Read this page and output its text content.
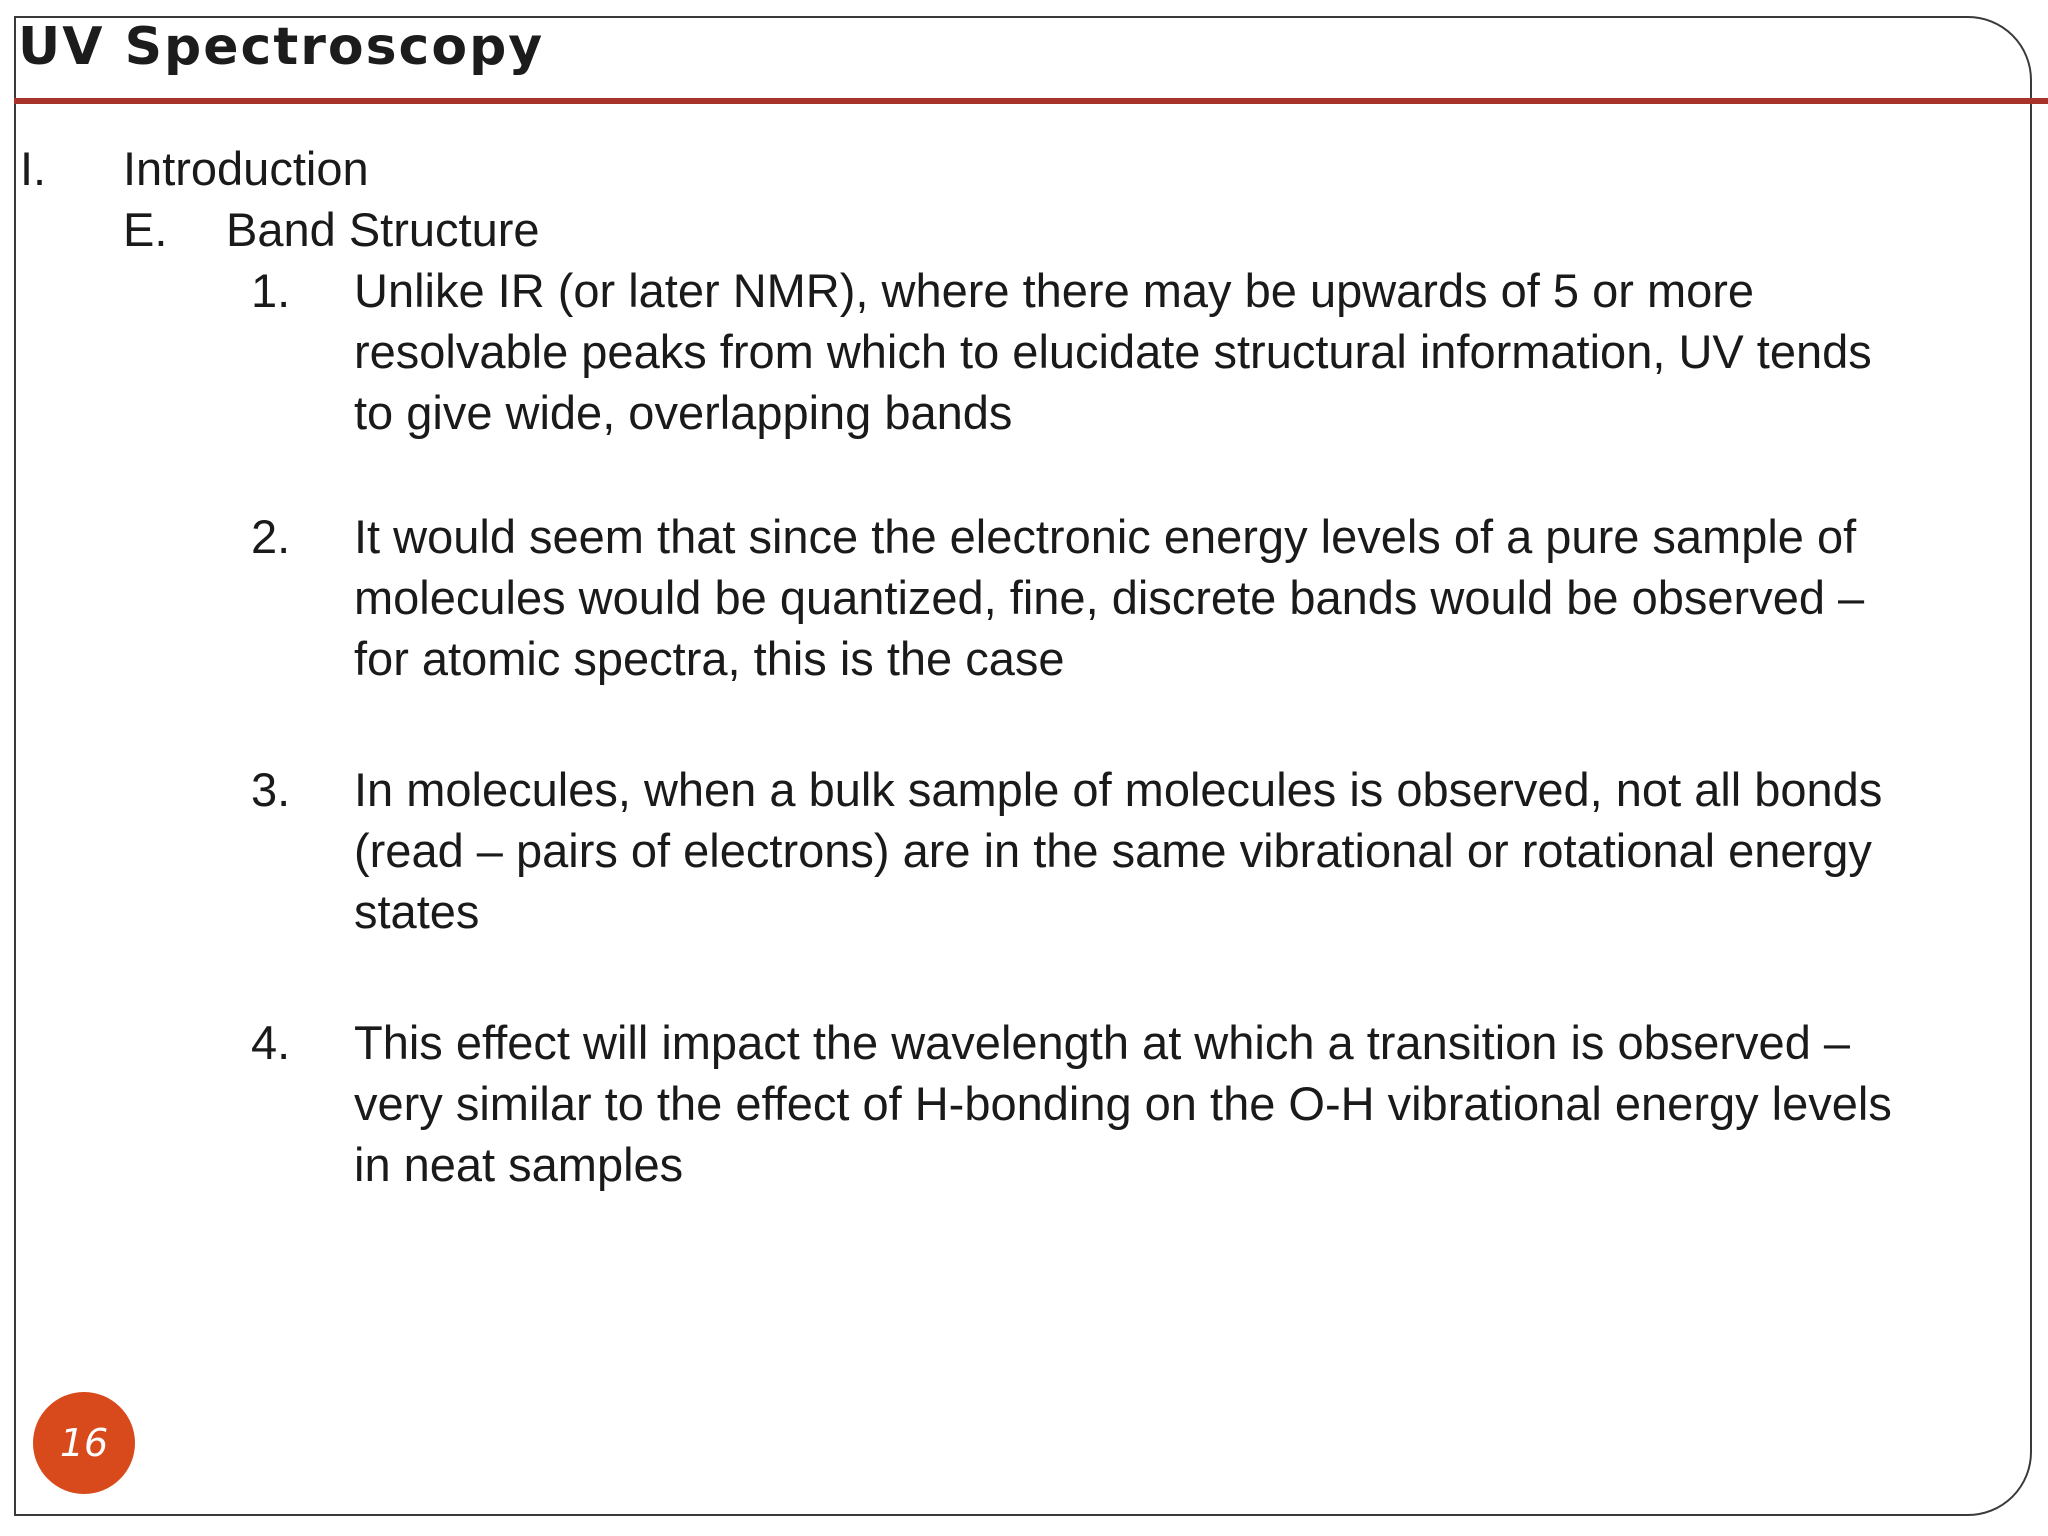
UV Spectroscopy
I. Introduction
E. Band Structure
1. Unlike IR (or later NMR), where there may be upwards of 5 or more
resolvable peaks from which to elucidate structural information, UV tends
to give wide, overlapping bands
2. It would seem that since the electronic energy levels of a pure sample of
molecules would be quantized, fine, discrete bands would be observed –
for atomic spectra, this is the case
3. In molecules, when a bulk sample of molecules is observed, not all bonds
(read – pairs of electrons) are in the same vibrational or rotational energy
states
4. This effect will impact the wavelength at which a transition is observed –
very similar to the effect of H-bonding on the O-H vibrational energy levels
in neat samples
16
